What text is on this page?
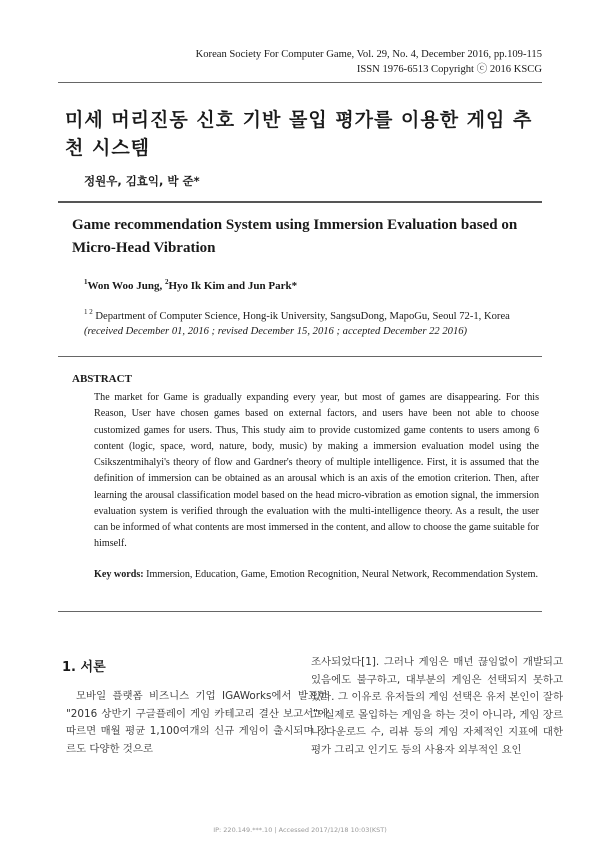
Korean Society For Computer Game, Vol. 29, No. 4, December 2016, pp.109-115
ISSN 1976-6513 Copyright ⓒ 2016 KSCG
미세 머리진동 신호 기반 몰입 평가를 이용한 게임 추천 시스템
정원우, 김효익, 박 준*
Game recommendation System using Immersion Evaluation based on Micro-Head Vibration
$^1$Won Woo Jung, $^2$Hyo Ik Kim and Jun Park*
$^{1 2}$ Department of Computer Science, Hong-ik University, SangsuDong, MapoGu, Seoul 72-1, Korea
(received December 01, 2016 ; revised December 15, 2016 ; accepted December 22 2016)
ABSTRACT
The market for Game is gradually expanding every year, but most of games are disappearing. For this Reason, User have chosen games based on external factors, and users have been not able to choose customized games for users. Thus, This study aim to provide customized game contents to users among 6 content (logic, space, word, nature, body, music) by making a immersion evaluation model using the Csikszentmihalyi's theory of flow and Gardner's theory of multiple intelligence. First, it is assumed that the definition of immersion can be obtained as an arousal which is an axis of the emotion criterion. Then, after learning the arousal classification model based on the head micro-vibration as emotion signal, the immersion evaluation system is verified through the evaluation with the multi-intelligence theory. As a result, the user can be informed of what contents are most immersed in the content, and allow to choose the game suitable for himself.
Key words: Immersion, Education, Game, Emotion Recognition, Neural Network, Recommendation System.
1. 서론
모바일 플랫폼 비즈니스 기업 IGAWorks에서 발표한 "2016 상반기 구글플레이 게임 카테고리 결산 보고서"에 따르면 매월 평균 1,100여개의 신규 게임이 출시되며 장르도 다양한 것으로
조사되었다[1]. 그러나 게임은 매년 끊임없이 개발되고 있음에도 불구하고, 대부분의 게임은 선택되지 못하고 있다. 그 이유로 유저들의 게임 선택은 유저 본인이 잘하고 실제로 몰입하는 게임을 하는 것이 아니라, 게임 장르나 다운로드 수, 리뷰 등의 게임 자체적인 지표에 대한 평가 그리고 인기도 등의 사용자 외부적인 요인
IP: 220.149.***.10 | Accessed 2017/12/18 10:03(KST)
